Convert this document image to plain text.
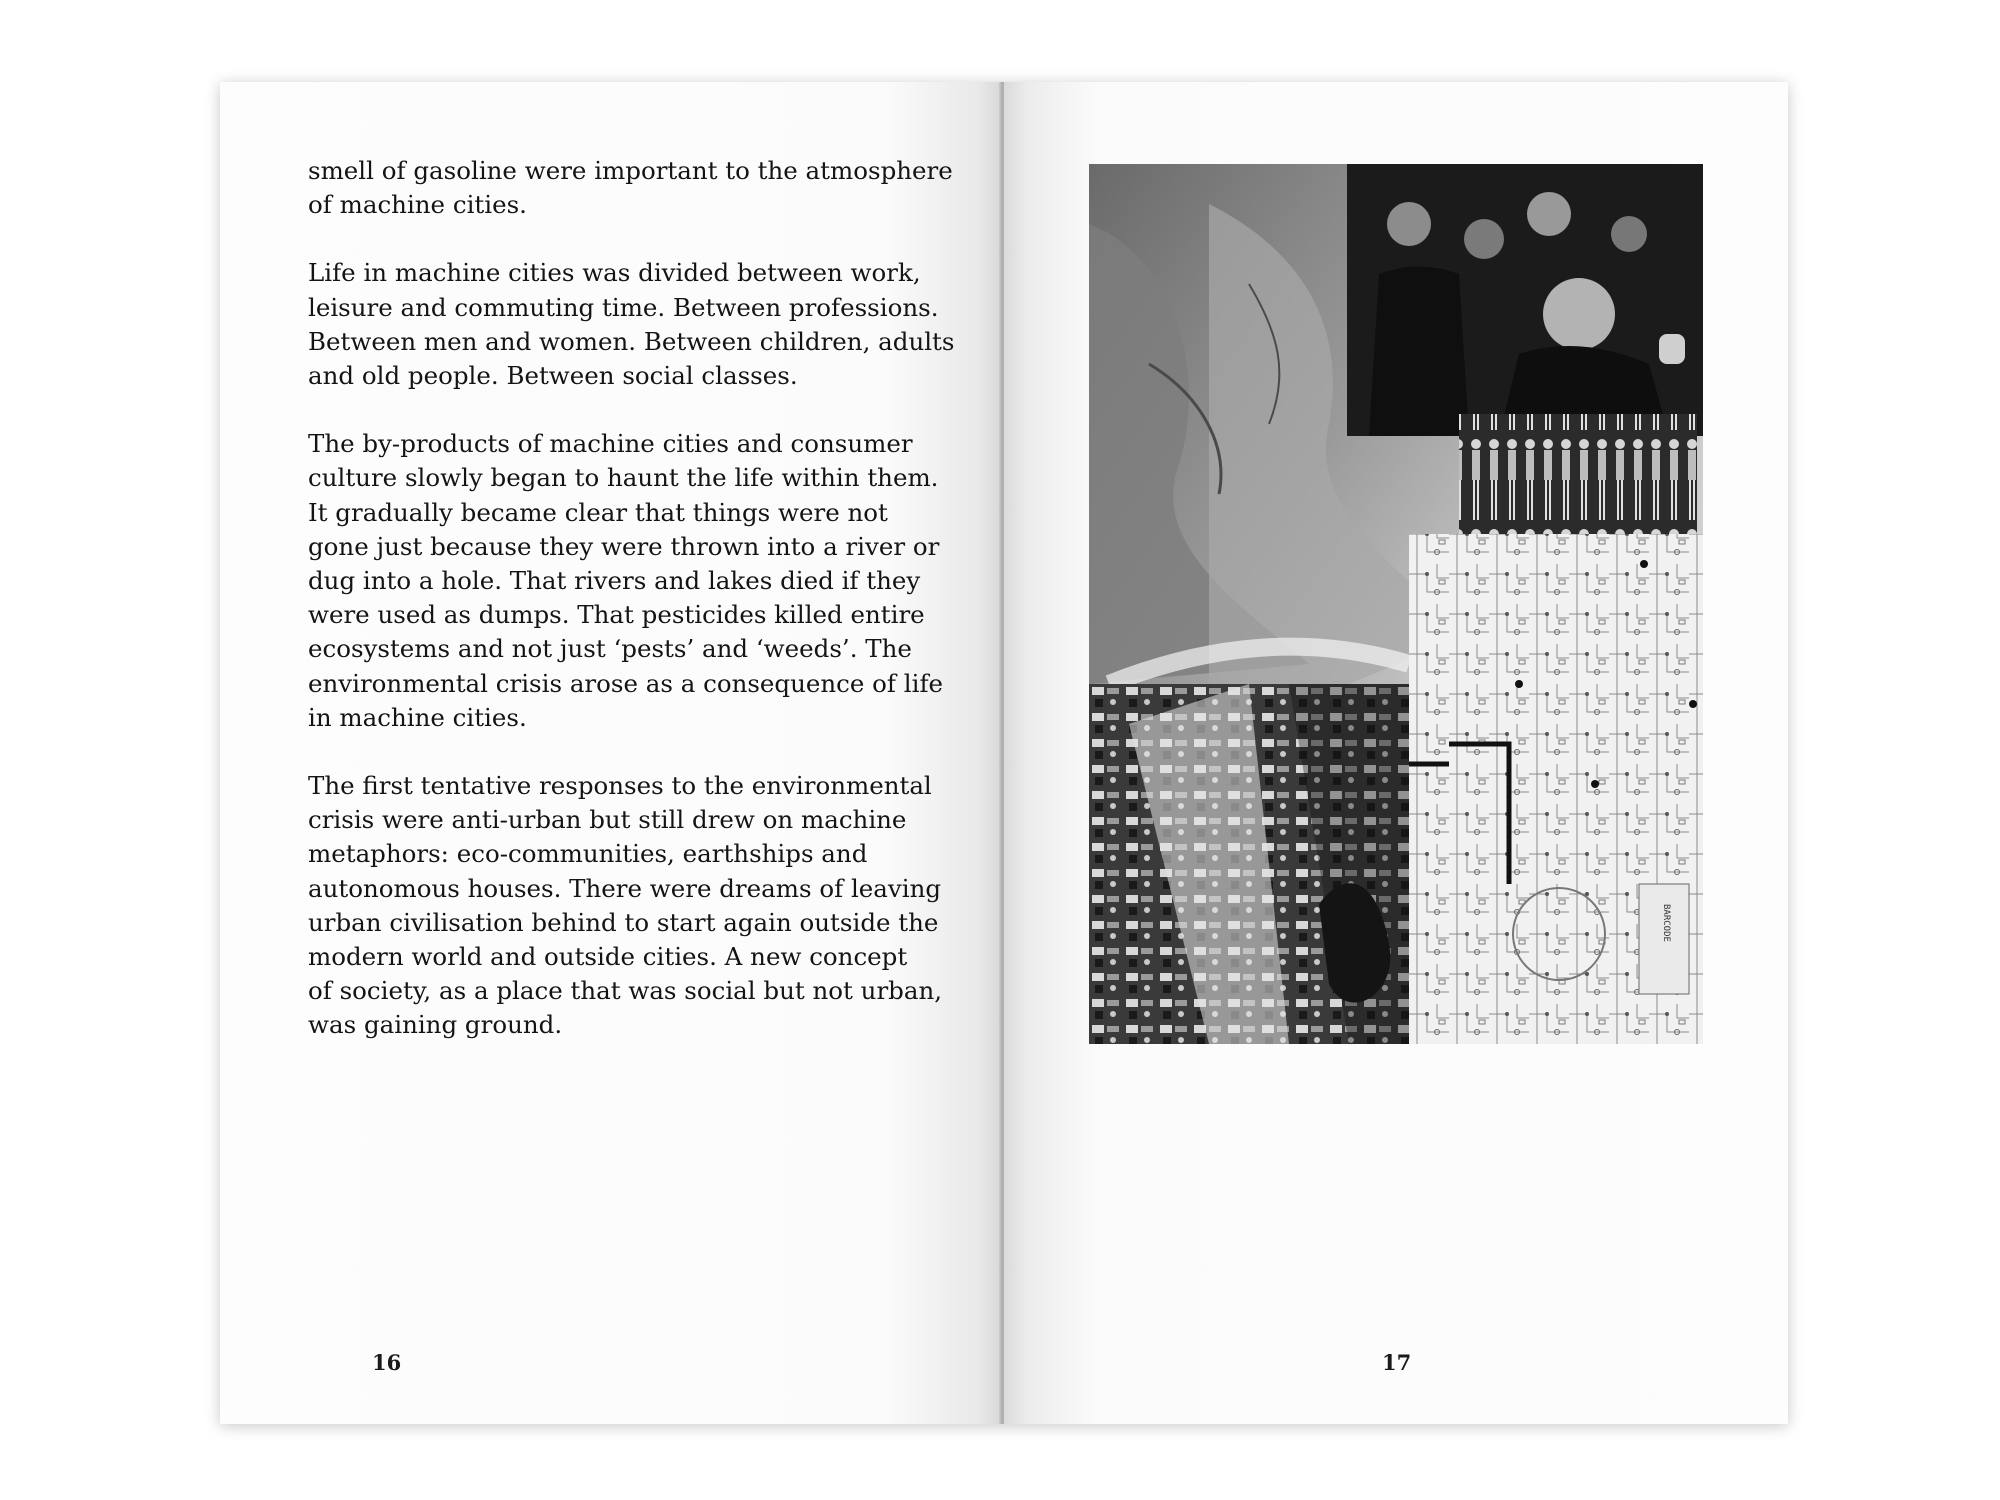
smell of gasoline were important to the atmosphere
of machine cities.

Life in machine cities was divided between work,
leisure and commuting time. Between professions.
Between men and women. Between children, adults
and old people. Between social classes.

The by-products of machine cities and consumer
culture slowly began to haunt the life within them.
It gradually became clear that things were not
gone just because they were thrown into a river or
dug into a hole. That rivers and lakes died if they
were used as dumps. That pesticides killed entire
ecosystems and not just ‘pests’ and ‘weeds’. The
environmental crisis arose as a consequence of life
in machine cities.

The first tentative responses to the environmental
crisis were anti-urban but still drew on machine
metaphors: eco-communities, earthships and
autonomous houses. There were dreams of leaving
urban civilisation behind to start again outside the
modern world and outside cities. A new concept
of society, as a place that was social but not urban,
was gaining ground.

16
BARCODE
17
